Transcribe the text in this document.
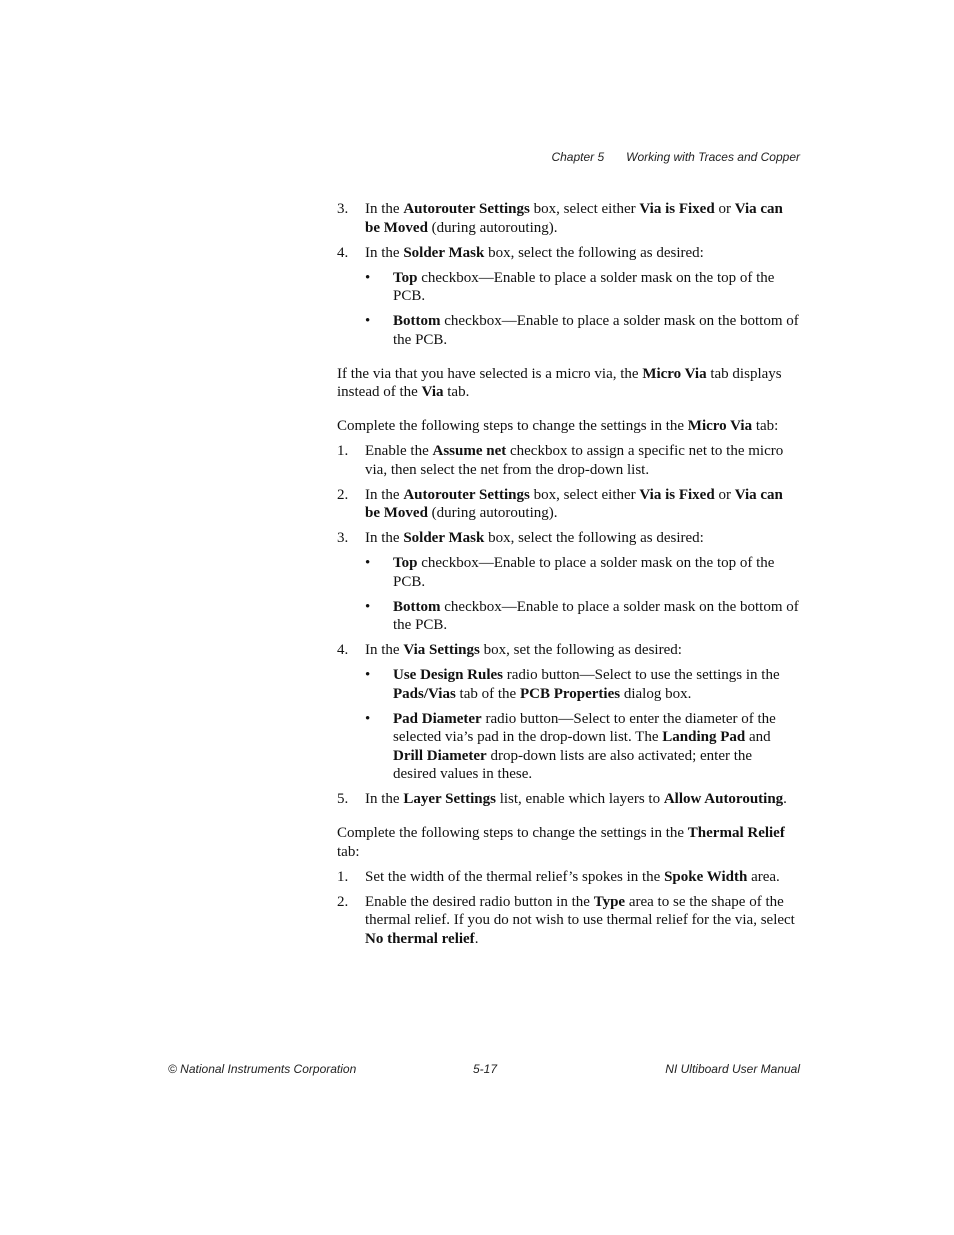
Chapter 5 Working with Traces and Copper
3.	In the Autorouter Settings box, select either Via is Fixed or Via can be Moved (during autorouting).
4.	In the Solder Mask box, select the following as desired:
•	Top checkbox—Enable to place a solder mask on the top of the PCB.
•	Bottom checkbox—Enable to place a solder mask on the bottom of the PCB.

If the via that you have selected is a micro via, the Micro Via tab displays instead of the Via tab.

Complete the following steps to change the settings in the Micro Via tab:

1.	Enable the Assume net checkbox to assign a specific net to the micro via, then select the net from the drop-down list.
2.	In the Autorouter Settings box, select either Via is Fixed or Via can be Moved (during autorouting).
3.	In the Solder Mask box, select the following as desired:
•	Top checkbox—Enable to place a solder mask on the top of the PCB.
•	Bottom checkbox—Enable to place a solder mask on the bottom of the PCB.
4.	In the Via Settings box, set the following as desired:
•	Use Design Rules radio button—Select to use the settings in the Pads/Vias tab of the PCB Properties dialog box.
•	Pad Diameter radio button—Select to enter the diameter of the selected via’s pad in the drop-down list. The Landing Pad and Drill Diameter drop-down lists are also activated; enter the desired values in these.
5.	In the Layer Settings list, enable which layers to Allow Autorouting.

Complete the following steps to change the settings in the Thermal Relief tab:

1.	Set the width of the thermal relief’s spokes in the Spoke Width area.
2.	Enable the desired radio button in the Type area to se the shape of the thermal relief. If you do not wish to use thermal relief for the via, select No thermal relief.
© National Instruments Corporation	5-17	NI Ultiboard User Manual
